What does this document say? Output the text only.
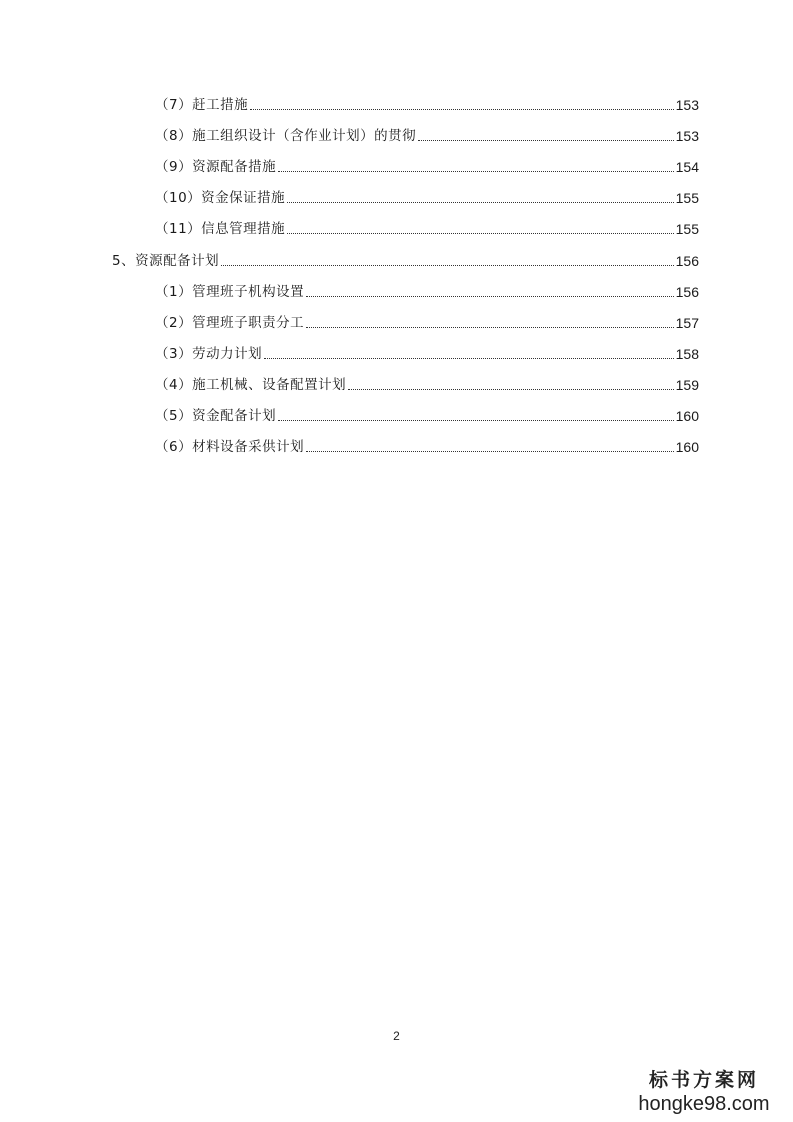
（7）赶工措施	153
（8）施工组织设计（含作业计划）的贯彻	153
（9）资源配备措施	154
（10）资金保证措施	155
（11）信息管理措施	155
5、资源配备计划	156
（1）管理班子机构设置	156
（2）管理班子职责分工	157
（3）劳动力计划	158
（4）施工机械、设备配置计划	159
（5）资金配备计划	160
（6）材料设备采供计划	160
2
标书方案网
hongke98.com
